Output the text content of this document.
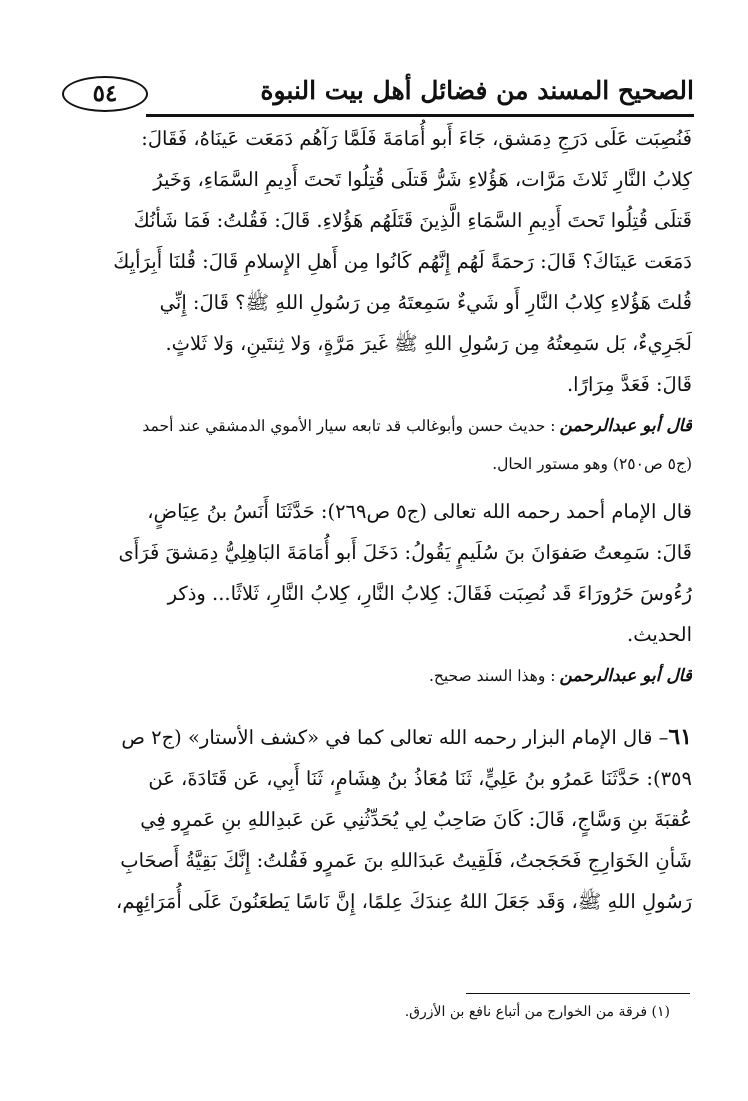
٥٤	الصحيح المسند من فضائل أهل بيت النبوة
فَنُصِبَت عَلَى دَرَجِ دِمَشق، جَاءَ أَبو أُمَامَةَ فَلَمَّا رَآهُم دَمَعَت عَينَاهُ، فَقَالَ:
كِلابُ النَّارِ ثَلاثَ مَرَّات، هَؤُلاءِ شَرُّ قَتلَى قُتِلُوا تَحتَ أَدِيمِ السَّمَاءِ، وَخَيرُ
قَتلَى قُتِلُوا تَحتَ أَدِيمِ السَّمَاءِ الَّذِينَ قَتَلَهُم هَؤُلاءِ. قَالَ: فَقُلتُ: فَمَا شَأنُكَ
دَمَعَت عَينَاكَ؟ قَالَ: رَحمَةً لَهُم إِنَّهُم كَانُوا مِن أَهلِ الإِسلامِ قَالَ: قُلنَا أَبِرَأيِكَ
قُلتَ هَؤُلاءِ كِلابُ النَّارِ أَو شَيءٌ سَمِعتَهُ مِن رَسُولِ اللهِ ﷺ؟ قَالَ: إِنِّي
لَجَرِيءٌ، بَل سَمِعتُهُ مِن رَسُولِ اللهِ ﷺ غَيرَ مَرَّةٍ، وَلا ثِنتَينِ، وَلا ثَلاثٍ.
قَالَ: فَعَدَّ مِرَارًا.
قال أبو عبدالرحمن: حديث حسن وأبوغالب قد تابعه سيار الأموي الدمشقي عند أحمد
(ج٥ ص٢٥٠) وهو مستور الحال.
قال الإمام أحمد رحمه الله تعالى (ج٥ ص٢٦٩): حَدَّثَنَا أَنَسُ بنُ عِيَاضٍ،
قَالَ: سَمِعتُ صَفوَانَ بنَ سُلَيمٍ يَقُولُ: دَخَلَ أَبو أُمَامَةَ البَاهِلِيُّ دِمَشقَ فَرَأَى
رُءُوسَ حَرُورَاءَ قَد نُصِبَت فَقَالَ: كِلابُ النَّارِ، كِلابُ النَّارِ، ثَلاثًا... وذكر
الحديث.
قال أبو عبدالرحمن: وهذا السند صحيح.
٦١– قال الإمام البزار رحمه الله تعالى كما في «كشف الأستار» (ج٢ ص
٣٥٩): حَدَّثَنَا عَمرُو بنُ عَلِيٍّ، ثَنَا مُعَاذُ بنُ هِشَامٍ، ثَنَا أَبِي، عَن قَتَادَةَ، عَن
عُقبَةَ بنِ وَسَّاجٍ، قَالَ: كَانَ صَاحِبٌ لِي يُحَدِّثُنِي عَن عَبدِاللهِ بنِ عَمرٍو فِي
شَأنِ الخَوَارِجِ فَحَجَجتُ، فَلَقِيتُ عَبدَاللهِ بنَ عَمرٍو فَقُلتُ: إِنَّكَ بَقِيَّةُ أَصحَابِ
رَسُولِ اللهِ ﷺ، وَقَد جَعَلَ اللهُ عِندَكَ عِلمًا، إِنَّ نَاسًا يَطعَنُونَ عَلَى أُمَرَائِهِم،
(١) فرقة من الخوارج من أتباع نافع بن الأزرق.
